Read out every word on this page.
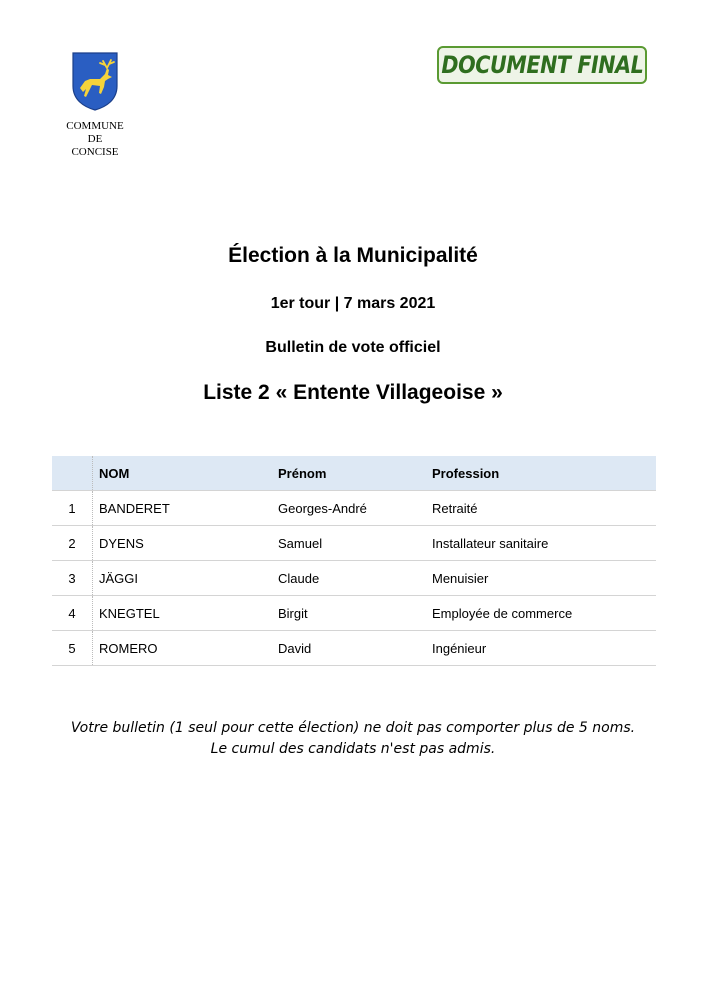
COMMUNE
DE
CONCISE
DOCUMENT FINAL
Élection à la Municipalité
1er tour | 7 mars 2021
Bulletin de vote officiel
Liste 2 « Entente Villageoise »
	NOM	Prénom	Profession
1	BANDERET	Georges-André	Retraité
2	DYENS	Samuel	Installateur sanitaire
3	JÄGGI	Claude	Menuisier
4	KNEGTEL	Birgit	Employée de commerce
5	ROMERO	David	Ingénieur
Votre bulletin (1 seul pour cette élection) ne doit pas comporter plus de 5 noms.
Le cumul des candidats n'est pas admis.
